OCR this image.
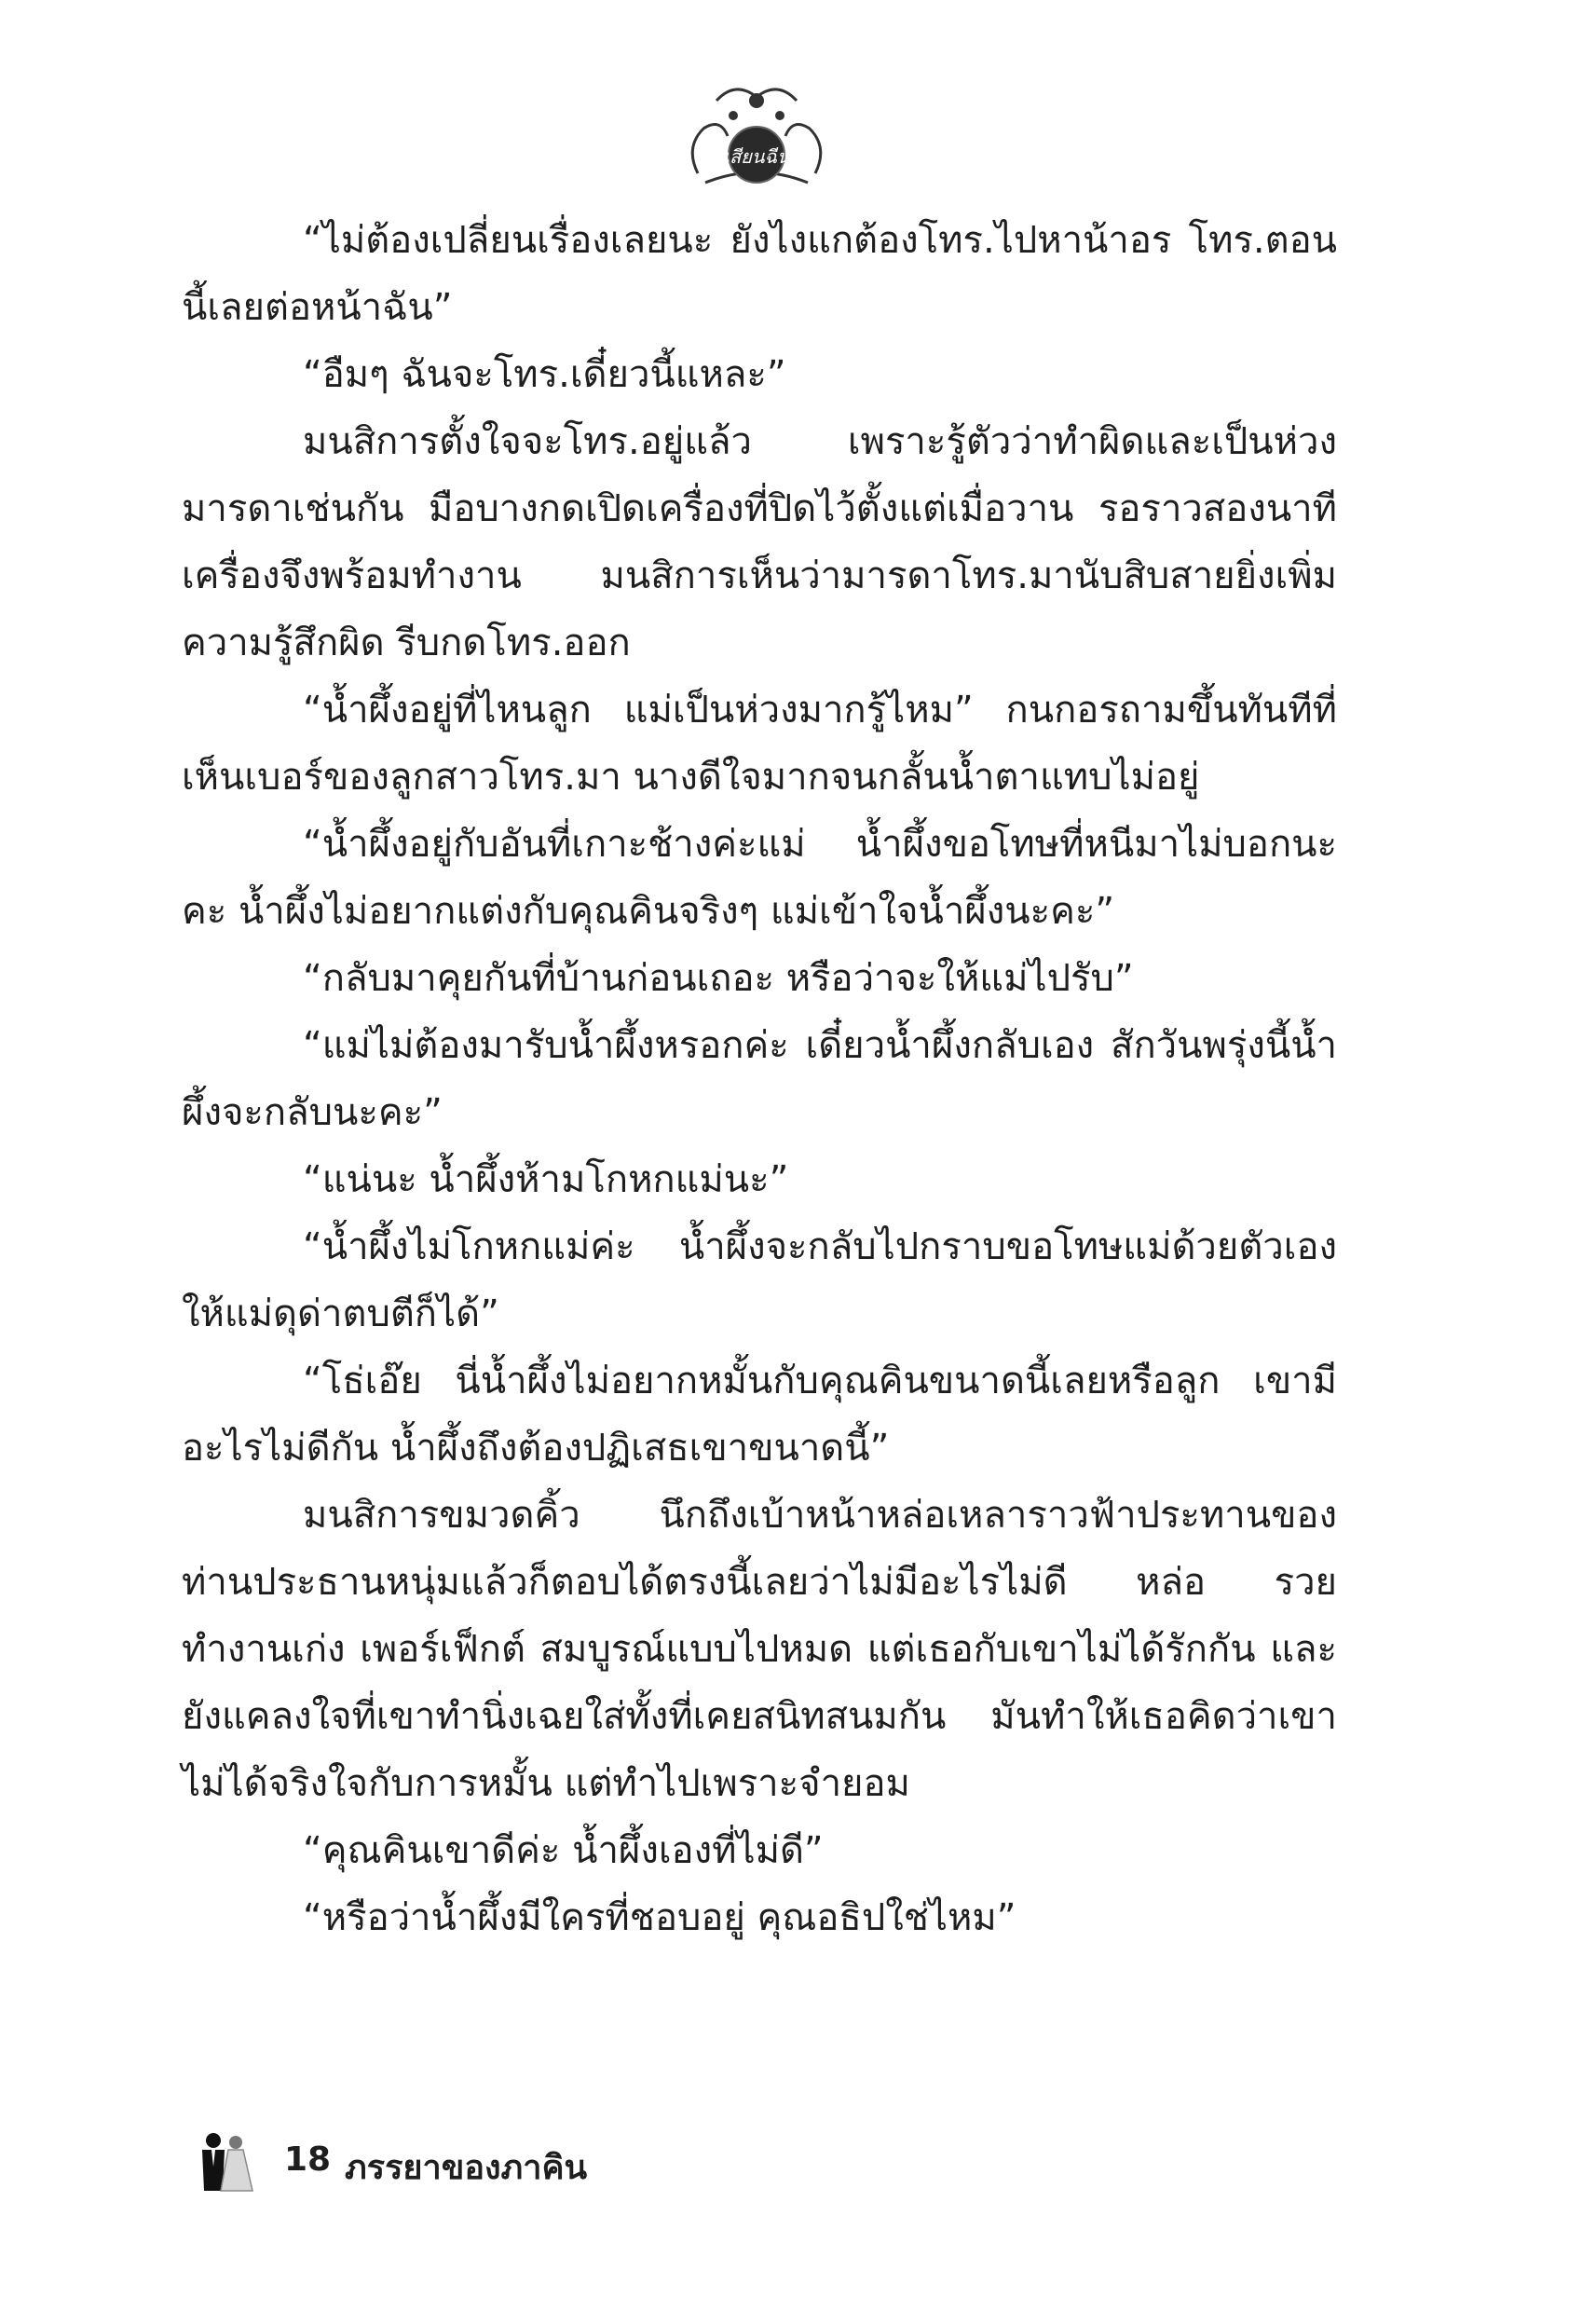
เสียนฉีน

“ไม่ต้องเปลี่ยนเรื่องเลยนะ ยังไงแกต้องโทร.ไปหาน้าอร โทร.ตอนนี้เลยต่อหน้าฉัน”

“อืมๆ ฉันจะโทร.เดี๋ยวนี้แหละ”

มนสิการตั้งใจจะโทร.อยู่แล้ว เพราะรู้ตัวว่าทำผิดและเป็นห่วงมารดาเช่นกัน มือบางกดเปิดเครื่องที่ปิดไว้ตั้งแต่เมื่อวาน รอราวสองนาทีเครื่องจึงพร้อมทำงาน มนสิการเห็นว่ามารดาโทร.มานับสิบสายยิ่งเพิ่มความรู้สึกผิด รีบกดโทร.ออก

“น้ำผึ้งอยู่ที่ไหนลูก แม่เป็นห่วงมากรู้ไหม” กนกอรถามขึ้นทันทีที่เห็นเบอร์ของลูกสาวโทร.มา นางดีใจมากจนกลั้นน้ำตาแทบไม่อยู่

“น้ำผึ้งอยู่กับอันที่เกาะช้างค่ะแม่ น้ำผึ้งขอโทษที่หนีมาไม่บอกนะคะ น้ำผึ้งไม่อยากแต่งกับคุณคินจริงๆ แม่เข้าใจน้ำผึ้งนะคะ”

“กลับมาคุยกันที่บ้านก่อนเถอะ หรือว่าจะให้แม่ไปรับ”

“แม่ไม่ต้องมารับน้ำผึ้งหรอกค่ะ เดี๋ยวน้ำผึ้งกลับเอง สักวันพรุ่งนี้น้ำผึ้งจะกลับนะคะ”

“แน่นะ น้ำผึ้งห้ามโกหกแม่นะ”

“น้ำผึ้งไม่โกหกแม่ค่ะ น้ำผึ้งจะกลับไปกราบขอโทษแม่ด้วยตัวเองให้แม่ดุด่าตบตีก็ได้”

“โธ่เอ๊ย นี่น้ำผึ้งไม่อยากหมั้นกับคุณคินขนาดนี้เลยหรือลูก เขามีอะไรไม่ดีกัน น้ำผึ้งถึงต้องปฏิเสธเขาขนาดนี้”

มนสิการขมวดคิ้ว นึกถึงเบ้าหน้าหล่อเหลาราวฟ้าประทานของท่านประธานหนุ่มแล้วก็ตอบได้ตรงนี้เลยว่าไม่มีอะไรไม่ดี หล่อ รวย ทำงานเก่ง เพอร์เฟ็กต์ สมบูรณ์แบบไปหมด แต่เธอกับเขาไม่ได้รักกัน และยังแคลงใจที่เขาทำนิ่งเฉยใส่ทั้งที่เคยสนิทสนมกัน มันทำให้เธอคิดว่าเขาไม่ได้จริงใจกับการหมั้น แต่ทำไปเพราะจำยอม

“คุณคินเขาดีค่ะ น้ำผึ้งเองที่ไม่ดี”

“หรือว่าน้ำผึ้งมีใครที่ชอบอยู่ คุณอธิปใช่ไหม”

18 ภรรยาของภาคิน
